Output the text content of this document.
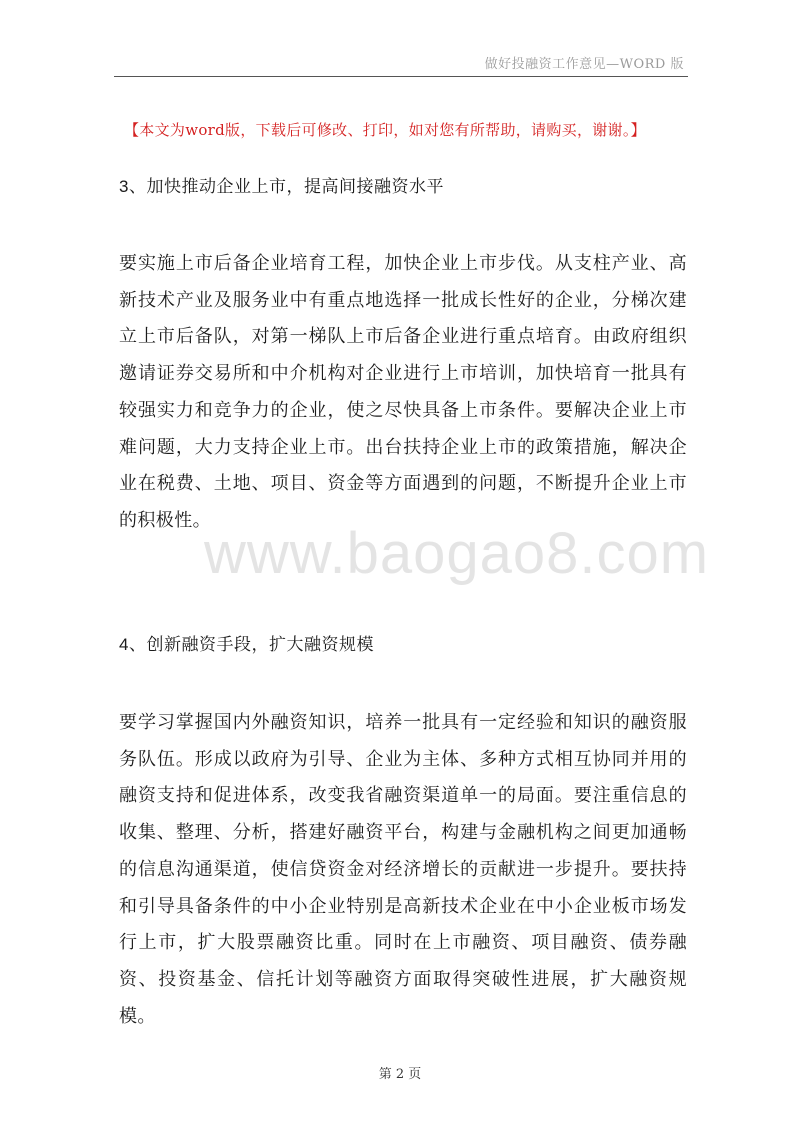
做好投融资工作意见—WORD 版
【本文为word版，下载后可修改、打印，如对您有所帮助，请购买，谢谢。】
3、加快推动企业上市，提高间接融资水平

要实施上市后备企业培育工程，加快企业上市步伐。从支柱产业、高新技术产业及服务业中有重点地选择一批成长性好的企业，分梯次建立上市后备队，对第一梯队上市后备企业进行重点培育。由政府组织邀请证券交易所和中介机构对企业进行上市培训，加快培育一批具有较强实力和竞争力的企业，使之尽快具备上市条件。要解决企业上市难问题，大力支持企业上市。出台扶持企业上市的政策措施，解决企业在税费、土地、项目、资金等方面遇到的问题，不断提升企业上市的积极性。

4、创新融资手段，扩大融资规模

要学习掌握国内外融资知识，培养一批具有一定经验和知识的融资服务队伍。形成以政府为引导、企业为主体、多种方式相互协同并用的融资支持和促进体系，改变我省融资渠道单一的局面。要注重信息的收集、整理、分析，搭建好融资平台，构建与金融机构之间更加通畅的信息沟通渠道，使信贷资金对经济增长的贡献进一步提升。要扶持和引导具备条件的中小企业特别是高新技术企业在中小企业板市场发行上市，扩大股票融资比重。同时在上市融资、项目融资、债券融资、投资基金、信托计划等融资方面取得突破性进展，扩大融资规模。

www.baogao8.com
第 2 页
